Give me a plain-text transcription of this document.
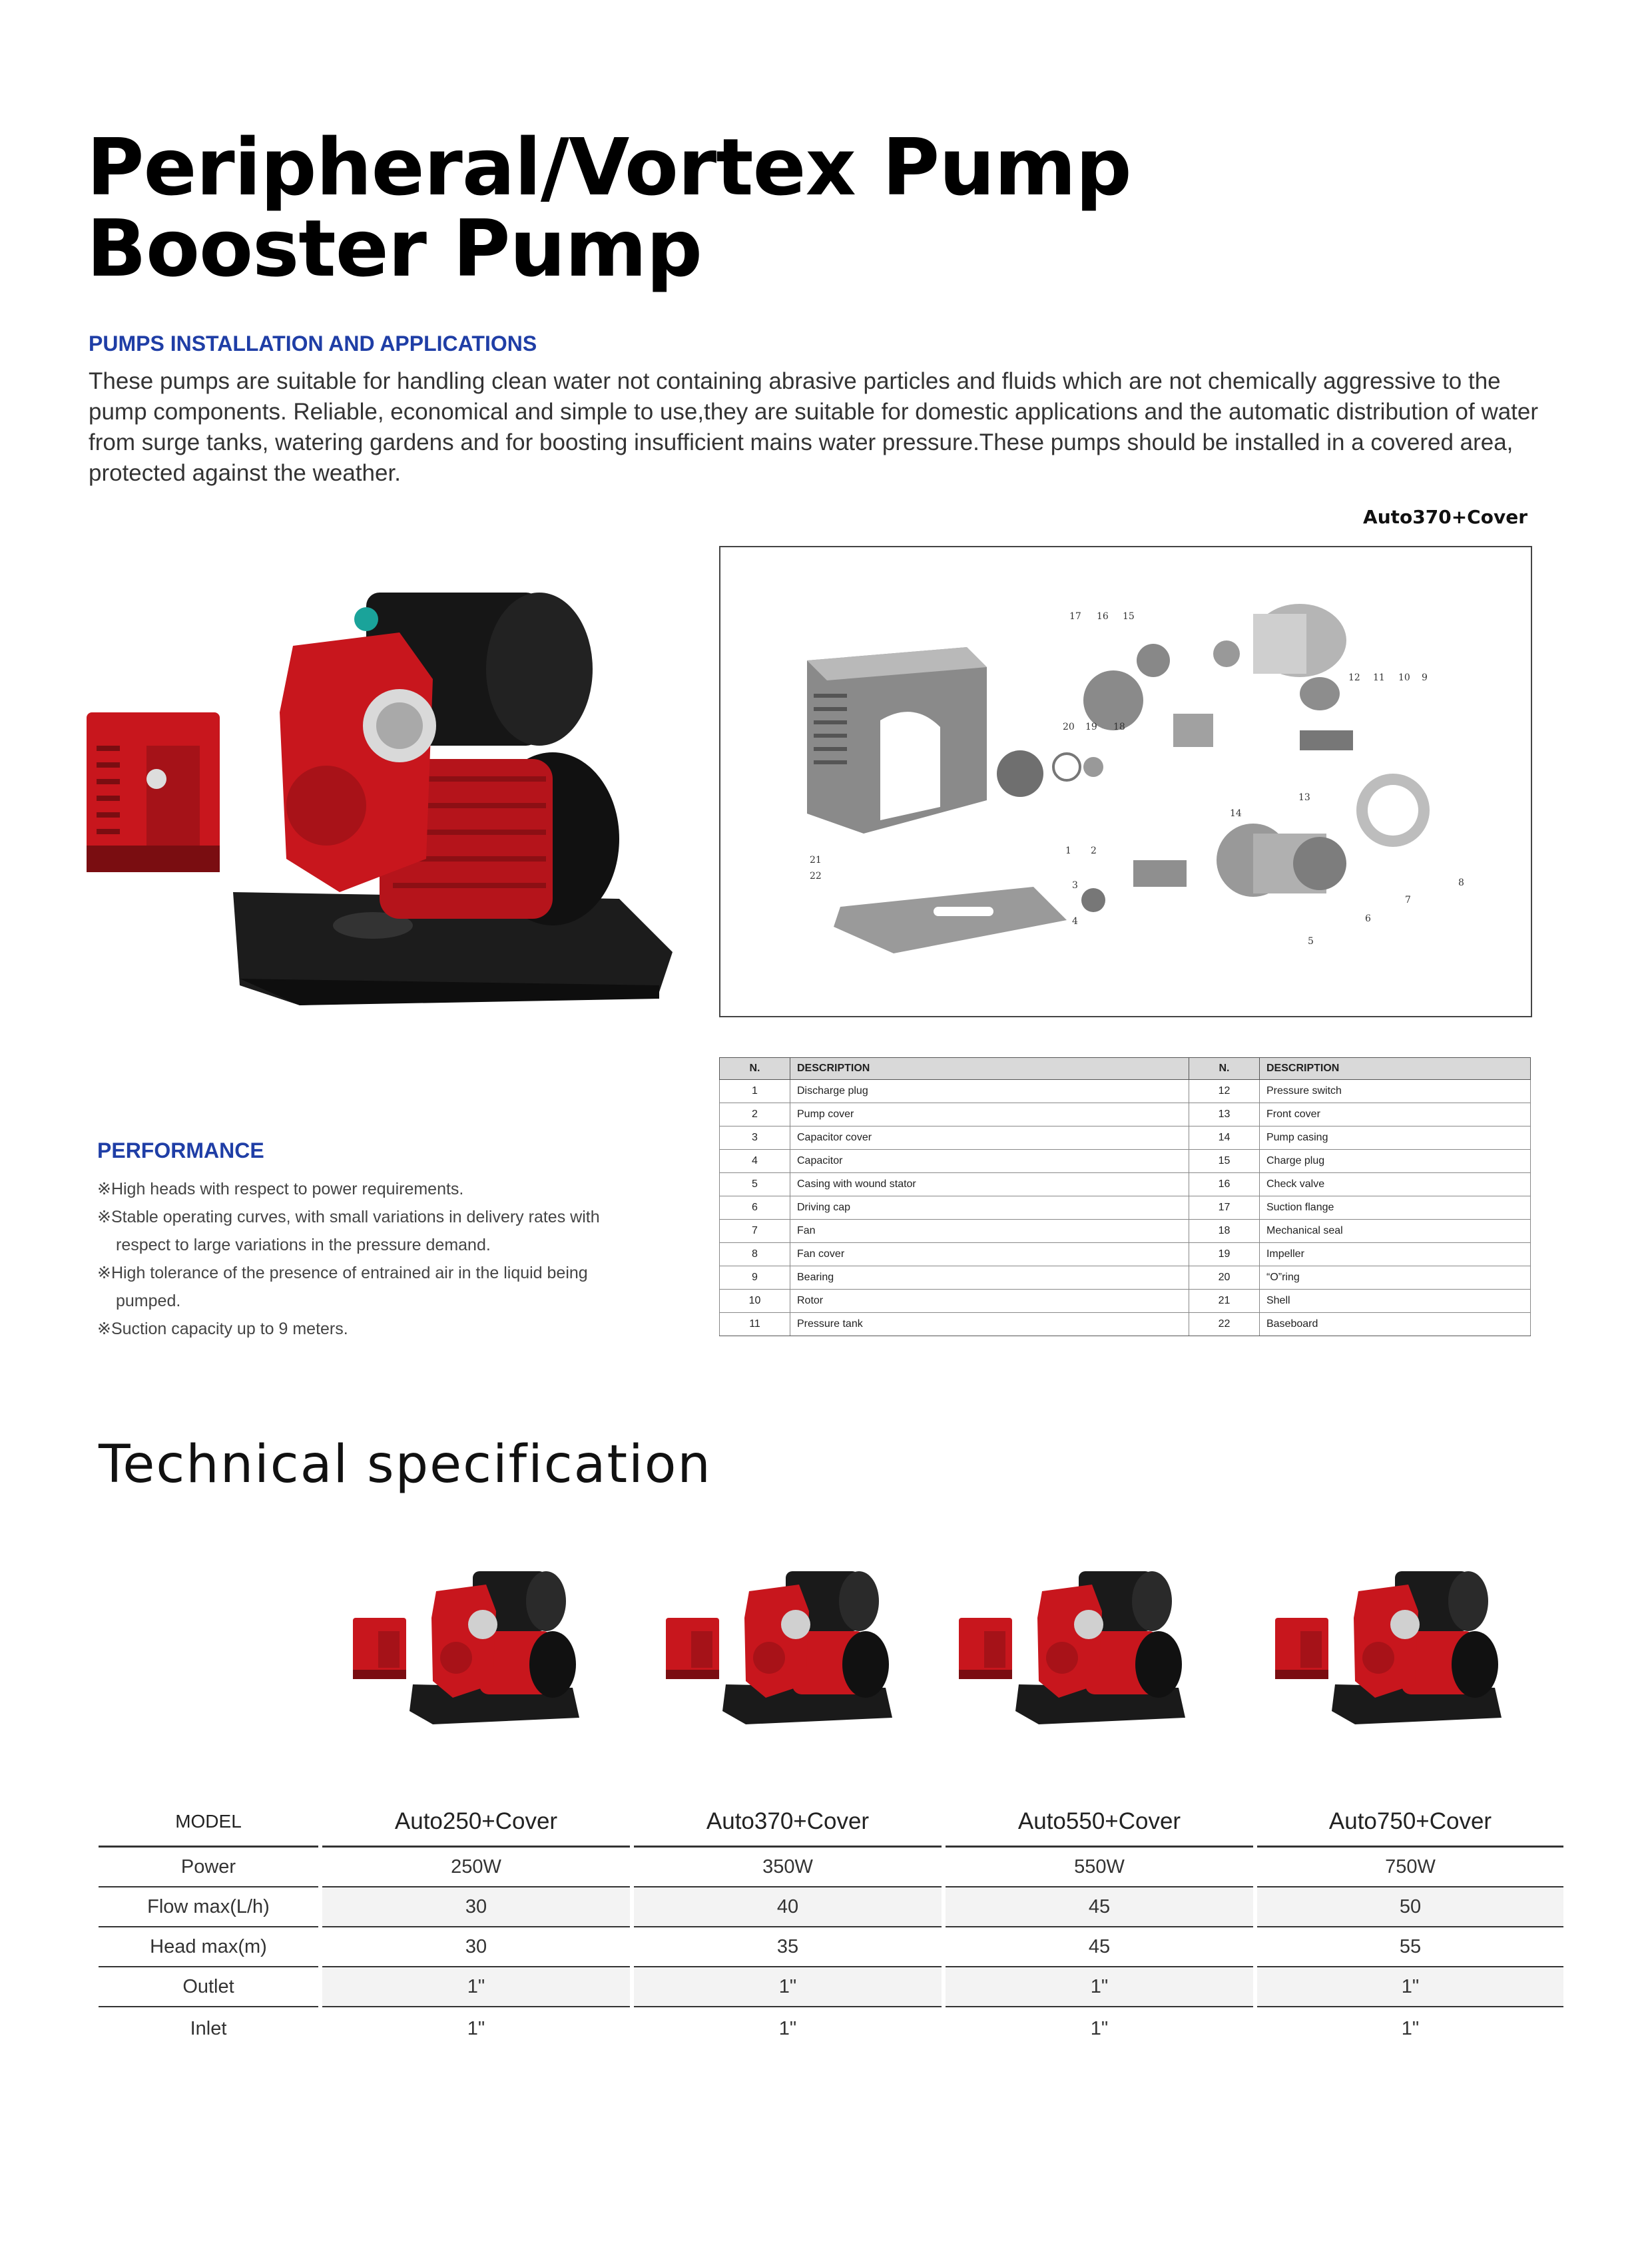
Peripheral/Vortex Pump
Booster Pump
PUMPS INSTALLATION AND APPLICATIONS

These pumps are suitable for handling clean water not containing abrasive particles and fluids which are not chemically aggressive to the pump components. Reliable, economical and simple to use,they are suitable for domestic applications and the automatic distribution of water from surge tanks, watering gardens and for boosting insufficient mains water pressure.These pumps should be installed in a covered area, protected against the weather.

Auto370+Cover
17 16 15
12 11 10 9
20 19 18
13
14
1 2
3
4
5
6
7
8
21
22
N.	DESCRIPTION	N.	DESCRIPTION
1	Discharge plug	12	Pressure switch
2	Pump cover	13	Front cover
3	Capacitor cover	14	Pump casing
4	Capacitor	15	Charge plug
5	Casing with wound stator	16	Check valve
6	Driving cap	17	Suction flange
7	Fan	18	Mechanical seal
8	Fan cover	19	Impeller
9	Bearing	20	“O”ring
10	Rotor	21	Shell
11	Pressure tank	22	Baseboard
PERFORMANCE
※High heads with respect to power requirements.
※Stable operating curves, with small variations in delivery rates with respect to large variations in the pressure demand.
※High tolerance of the presence of entrained air in the liquid being pumped.
※Suction capacity up to 9 meters.
Technical specification
MODEL		Auto250+Cover		Auto370+Cover		Auto550+Cover		Auto750+Cover
Power		250W		350W		550W		750W
Flow max(L/h)		30		40		45		50
Head max(m)		30		35		45		55
Outlet		1"		1"		1"		1"
Inlet		1"		1"		1"		1"
